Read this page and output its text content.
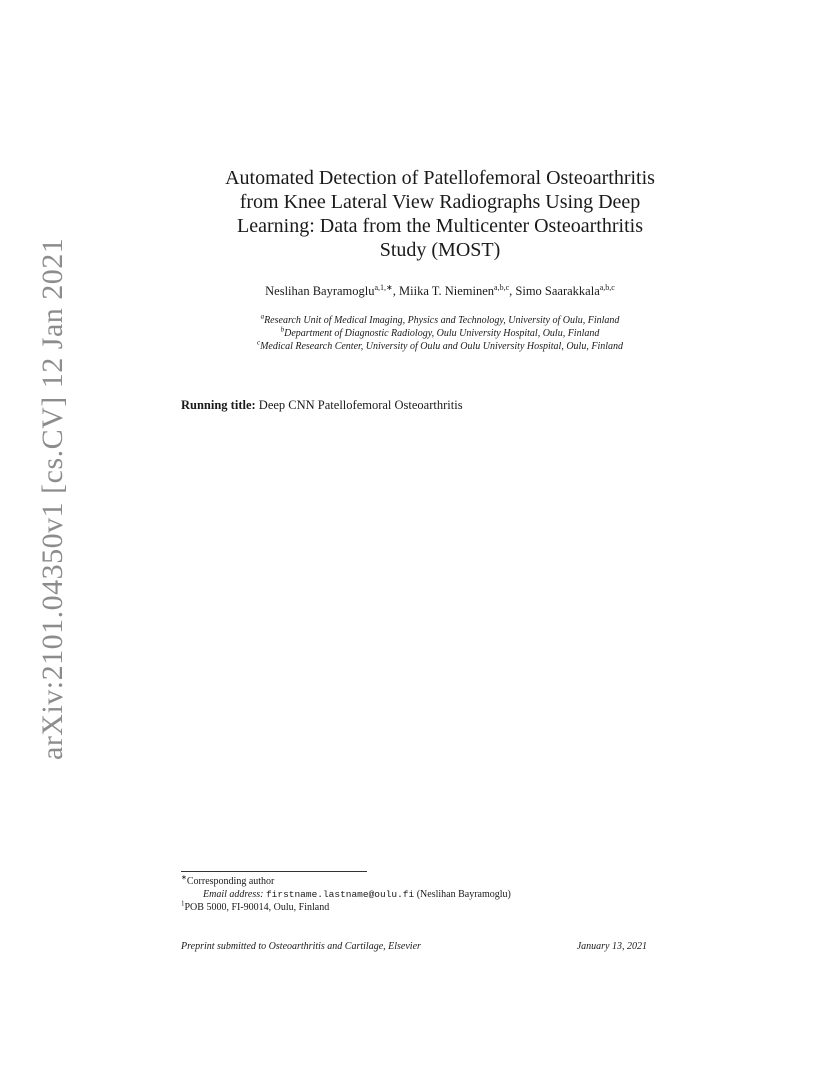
arXiv:2101.04350v1 [cs.CV] 12 Jan 2021
Automated Detection of Patellofemoral Osteoarthritis
from Knee Lateral View Radiographs Using Deep
Learning: Data from the Multicenter Osteoarthritis
Study (MOST)
Neslihan Bayramoglu$^{a,1,∗}$, Miika T. Nieminen$^{a,b,c}$, Simo Saarakkala$^{a,b,c}$
$^a$Research Unit of Medical Imaging, Physics and Technology, University of Oulu, Finland
$^b$Department of Diagnostic Radiology, Oulu University Hospital, Oulu, Finland
$^c$Medical Research Center, University of Oulu and Oulu University Hospital, Oulu, Finland
Running title: Deep CNN Patellofemoral Osteoarthritis
∗Corresponding author
Email address: firstname.lastname@oulu.fi (Neslihan Bayramoglu)
$^1$POB 5000, FI-90014, Oulu, Finland
Preprint submitted to Osteoarthritis and Cartilage, Elsevier	January 13, 2021
